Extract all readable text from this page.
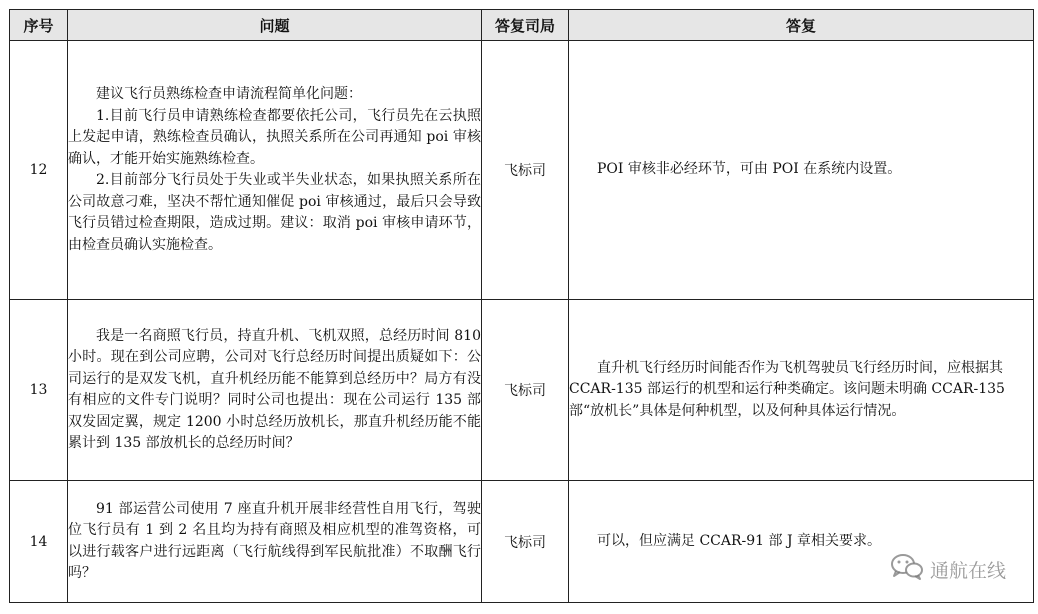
序号	问题	答复司局	答复
12	建议飞行员熟练检查申请流程简单化问题：

1.目前飞行员申请熟练检查都要依托公司，飞行员先在云执照上发起申请，熟练检查员确认，执照关系所在公司再通知 poi 审核确认，才能开始实施熟练检查。

2.目前部分飞行员处于失业或半失业状态，如果执照关系所在公司故意刁难，坚决不帮忙通知催促 poi 审核通过，最后只会导致飞行员错过检查期限，造成过期。建议：取消 poi 审核申请环节，由检查员确认实施检查。	飞标司	POI 审核非必经环节，可由 POI 在系统内设置。

13	我是一名商照飞行员，持直升机、飞机双照，总经历时间 810 小时。现在到公司应聘，公司对飞行总经历时间提出质疑如下：公司运行的是双发飞机，直升机经历能不能算到总经历中？局方有没有相应的文件专门说明？同时公司也提出：现在公司运行 135 部双发固定翼，规定 1200 小时总经历放机长，那直升机经历能不能累计到 135 部放机长的总经历时间？	飞标司	直升机飞行经历时间能否作为飞机驾驶员飞行经历时间，应根据其 CCAR-135 部运行的机型和运行种类确定。该问题未明确 CCAR-135 部“放机长”具体是何种机型，以及何种具体运行情况。

14	91 部运营公司使用 7 座直升机开展非经营性自用飞行，驾驶位飞行员有 1 到 2 名且均为持有商照及相应机型的准驾资格，可以进行载客户进行远距离（飞行航线得到军民航批准）不取酬飞行吗？	飞标司	可以，但应满足 CCAR-91 部 J 章相关要求。

通航在线
